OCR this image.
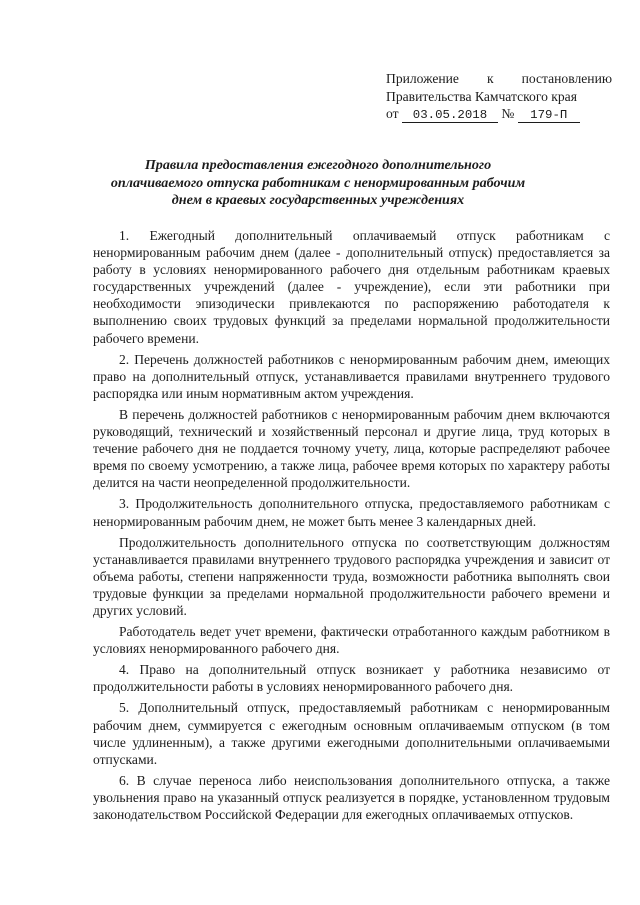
Приложение к постановлению
Правительства Камчатского края
от 03.05.2018 № 179-П
Правила предоставления ежегодного дополнительного оплачиваемого отпуска работникам с ненормированным рабочим днем в краевых государственных учреждениях

1. Ежегодный дополнительный оплачиваемый отпуск работникам с ненормированным рабочим днем (далее - дополнительный отпуск) предоставляется за работу в условиях ненормированного рабочего дня отдельным работникам краевых государственных учреждений (далее - учреждение), если эти работники при необходимости эпизодически привлекаются по распоряжению работодателя к выполнению своих трудовых функций за пределами нормальной продолжительности рабочего времени.

2. Перечень должностей работников с ненормированным рабочим днем, имеющих право на дополнительный отпуск, устанавливается правилами внутреннего трудового распорядка или иным нормативным актом учреждения.

В перечень должностей работников с ненормированным рабочим днем включаются руководящий, технический и хозяйственный персонал и другие лица, труд которых в течение рабочего дня не поддается точному учету, лица, которые распределяют рабочее время по своему усмотрению, а также лица, рабочее время которых по характеру работы делится на части неопределенной продолжительности.

3. Продолжительность дополнительного отпуска, предоставляемого работникам с ненормированным рабочим днем, не может быть менее 3 календарных дней.

Продолжительность дополнительного отпуска по соответствующим должностям устанавливается правилами внутреннего трудового распорядка учреждения и зависит от объема работы, степени напряженности труда, возможности работника выполнять свои трудовые функции за пределами нормальной продолжительности рабочего времени и других условий.

Работодатель ведет учет времени, фактически отработанного каждым работником в условиях ненормированного рабочего дня.

4. Право на дополнительный отпуск возникает у работника независимо от продолжительности работы в условиях ненормированного рабочего дня.

5. Дополнительный отпуск, предоставляемый работникам с ненормированным рабочим днем, суммируется с ежегодным основным оплачиваемым отпуском (в том числе удлиненным), а также другими ежегодными дополнительными оплачиваемыми отпусками.

6. В случае переноса либо неиспользования дополнительного отпуска, а также увольнения право на указанный отпуск реализуется в порядке, установленном трудовым законодательством Российской Федерации для ежегодных оплачиваемых отпусков.
